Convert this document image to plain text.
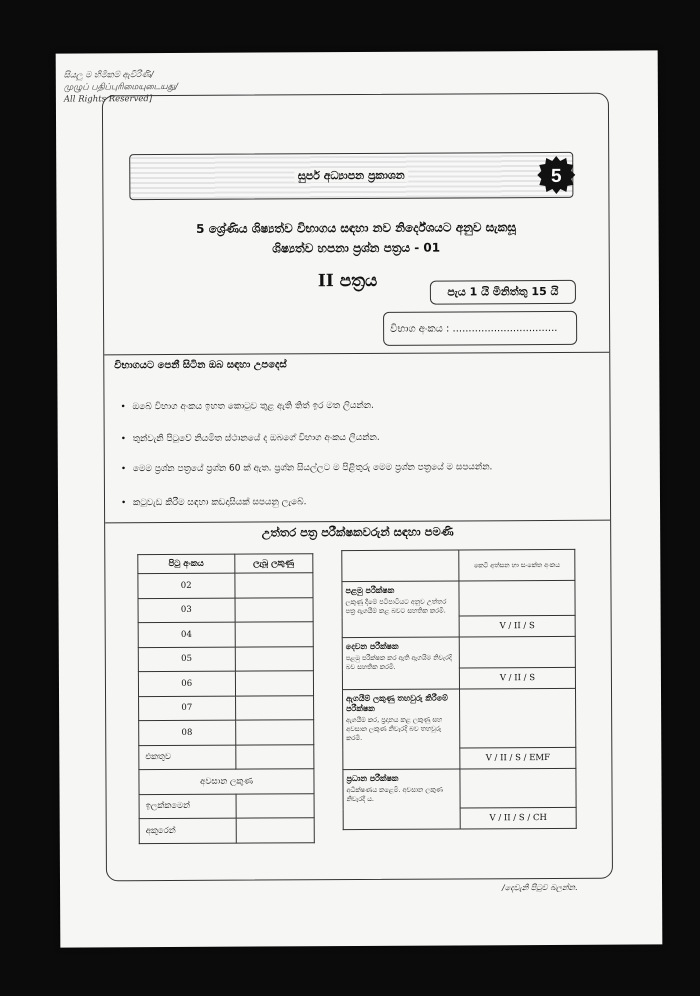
සියලු ම හිමිකම් ඇවිරිණි/
முழுப் பதிப்புரிமையுடையது/
All Rights Reserved]
සුපර් අධ්‍යාපන ප්‍රකාශන	5
5 ශ්‍රේණිය ශිෂ්‍යත්ව විභාගය සඳහා නව නිර්දේශයට අනුව සැකසූ
ශිෂ්‍යත්ව හපනා ප්‍රශ්න පත්‍රය - 01
II පත්‍රය
පැය 1 යි මිනිත්තු 15 යි
විභාග අංකය : .................................
විභාගයට පෙනී සිටින ඔබ සඳහා උපදෙස්
• ඔබේ විභාග අංකය ඉහත කොටුව තුළ ඇති තිත් ඉර මත ලියන්න.
• තුන්වැනි පිටුවේ නියමිත ස්ථානයේ ද ඔබගේ විභාග අංකය ලියන්න.
• මෙම ප්‍රශ්න පත්‍රයේ ප්‍රශ්න 60 ක් ඇත. ප්‍රශ්න සියල්ලට ම පිළිතුරු මෙම ප්‍රශ්න පත්‍රයේ ම සපයන්න.
• කටුවැඩ කිරීම සඳහා කඩදාසියක් සපයනු ලැබේ.
උත්තර පත්‍ර පරීක්ෂකවරුන් සඳහා පමණි
පිටු අංකය	ලැබූ ලකුණු
02	
03	
04	
05	
06	
07	
08	
එකතුව	
අවසාන ලකුණ	
ඉලක්කමෙන්	
අකුරෙන්	
	කෙටි අත්සන හා සංකේත අංකය

පළමු පරීක්ෂක
ලකුණු දීමේ පටිපාටියට අනුව උත්තර පත්‍ර ඇගයීම් කළ බවට සහතික කරමි.	

	V / II / S

දෙවන පරීක්ෂක
පළමු පරීක්ෂක කර ඇති ඇගයීම නිවැරදි බව සහතික කරමි.	

	V / II / S

ඇගයීම් ලකුණු තහවුරු කිරීමේ පරීක්ෂක
ඇගයීම් කර, ප්‍රදානය කළ ලකුණු සහ අවසාන ලකුණ නිවැරදි බව තහවුරු කරමි.	

	V / II / S / EMF

ප්‍රධාන පරීක්ෂක
අධීක්ෂණය කළෙමි. අවසාන ලකුණ නිවැරදි ය.	

	V / II / S / CH
/දෙවැනි පිටුව බලන්න.
